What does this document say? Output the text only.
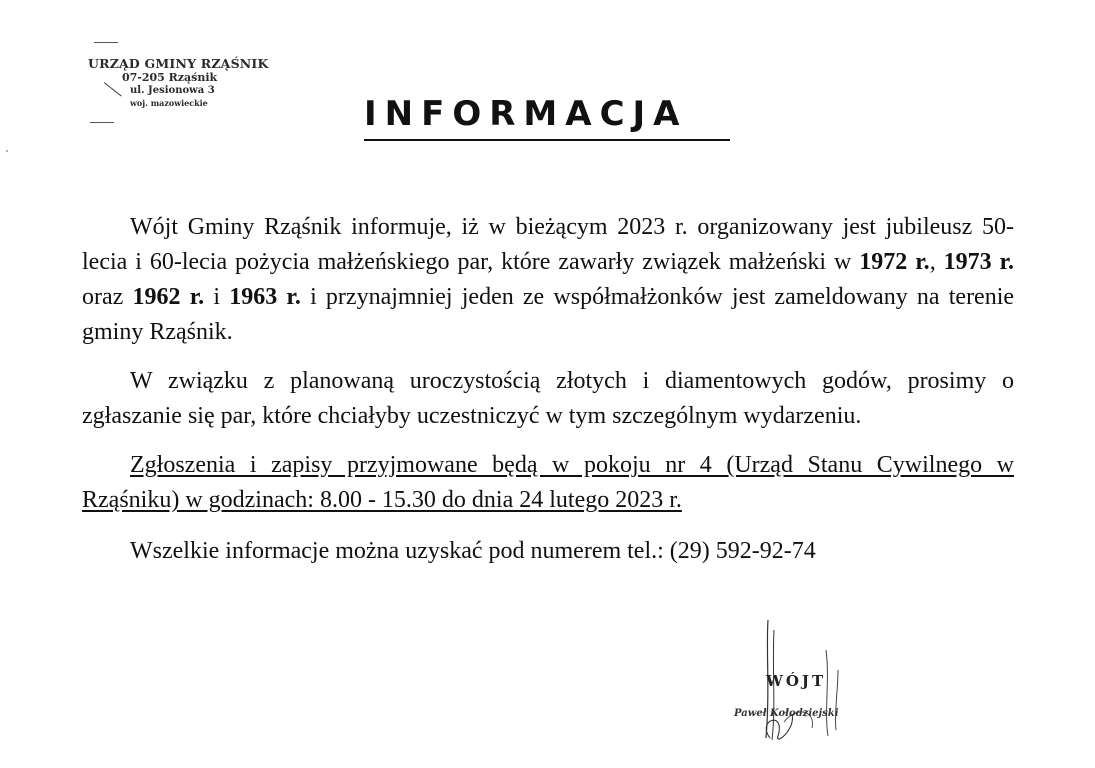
URZĄD GMINY RZĄŚNIK
07-205 Rząśnik
ul. Jesionowa 3
woj. mazowieckie	INFORMACJA

Wójt Gminy Rząśnik informuje, iż w bieżącym 2023 r. organizowany jest jubileusz 50-lecia i 60-lecia pożycia małżeńskiego par, które zawarły związek małżeński w 1972 r., 1973 r. oraz 1962 r. i 1963 r. i przynajmniej jeden ze współmałżonków jest zameldowany na terenie gminy Rząśnik.

W związku z planowaną uroczystością złotych i diamentowych godów, prosimy o zgłaszanie się par, które chciałyby uczestniczyć w tym szczególnym wydarzeniu.

Zgłoszenia i zapisy przyjmowane będą w pokoju nr 4 (Urząd Stanu Cywilnego w Rząśniku) w godzinach: 8.00 - 15.30 do dnia 24 lutego 2023 r.

Wszelkie informacje można uzyskać pod numerem tel.: (29) 592-92-74

WÓJT
Paweł Kołodziejski
